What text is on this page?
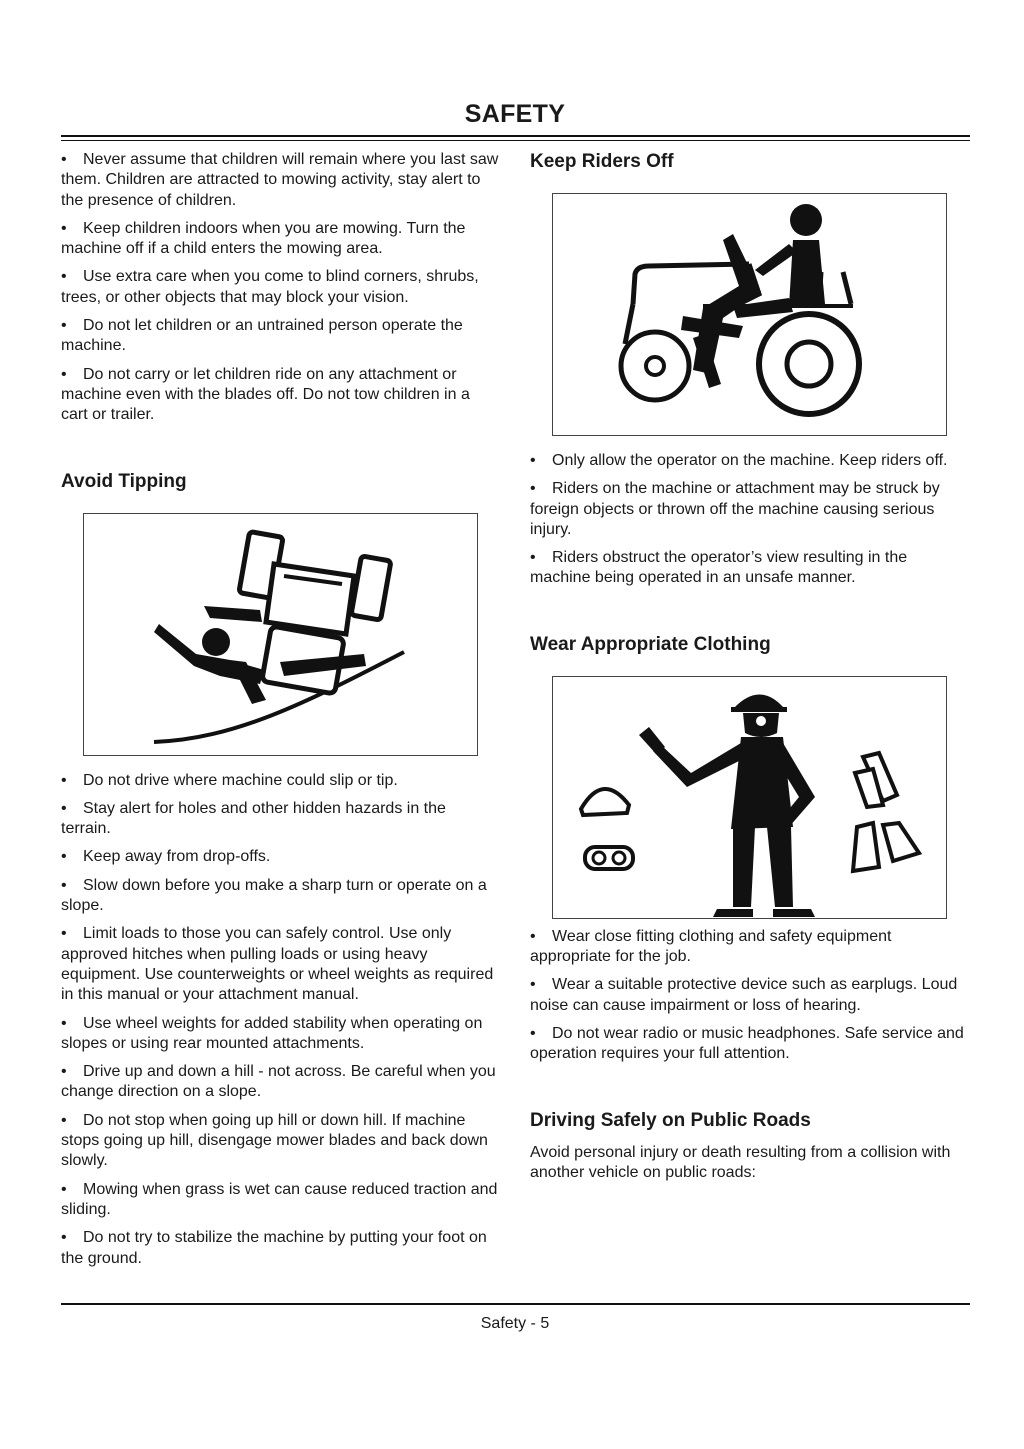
SAFETY
• Never assume that children will remain where you last saw them. Children are attracted to mowing activity, stay alert to the presence of children.
• Keep children indoors when you are mowing. Turn the machine off if a child enters the mowing area.
• Use extra care when you come to blind corners, shrubs, trees, or other objects that may block your vision.
• Do not let children or an untrained person operate the machine.
• Do not carry or let children ride on any attachment or machine even with the blades off. Do not tow children in a cart or trailer.
Avoid Tipping
• Do not drive where machine could slip or tip.
• Stay alert for holes and other hidden hazards in the terrain.
• Keep away from drop-offs.
• Slow down before you make a sharp turn or operate on a slope.
• Limit loads to those you can safely control. Use only approved hitches when pulling loads or using heavy equipment. Use counterweights or wheel weights as required in this manual or your attachment manual.
• Use wheel weights for added stability when operating on slopes or using rear mounted attachments.
• Drive up and down a hill - not across. Be careful when you change direction on a slope.
• Do not stop when going up hill or down hill. If machine stops going up hill, disengage mower blades and back down slowly.
• Mowing when grass is wet can cause reduced traction and sliding.
• Do not try to stabilize the machine by putting your foot on the ground.
Keep Riders Off
• Only allow the operator on the machine. Keep riders off.
• Riders on the machine or attachment may be struck by foreign objects or thrown off the machine causing serious injury.
• Riders obstruct the operator’s view resulting in the machine being operated in an unsafe manner.
Wear Appropriate Clothing
• Wear close fitting clothing and safety equipment appropriate for the job.
• Wear a suitable protective device such as earplugs. Loud noise can cause impairment or loss of hearing.
• Do not wear radio or music headphones. Safe service and operation requires your full attention.
Driving Safely on Public Roads

Avoid personal injury or death resulting from a collision with another vehicle on public roads:

Safety - 5
